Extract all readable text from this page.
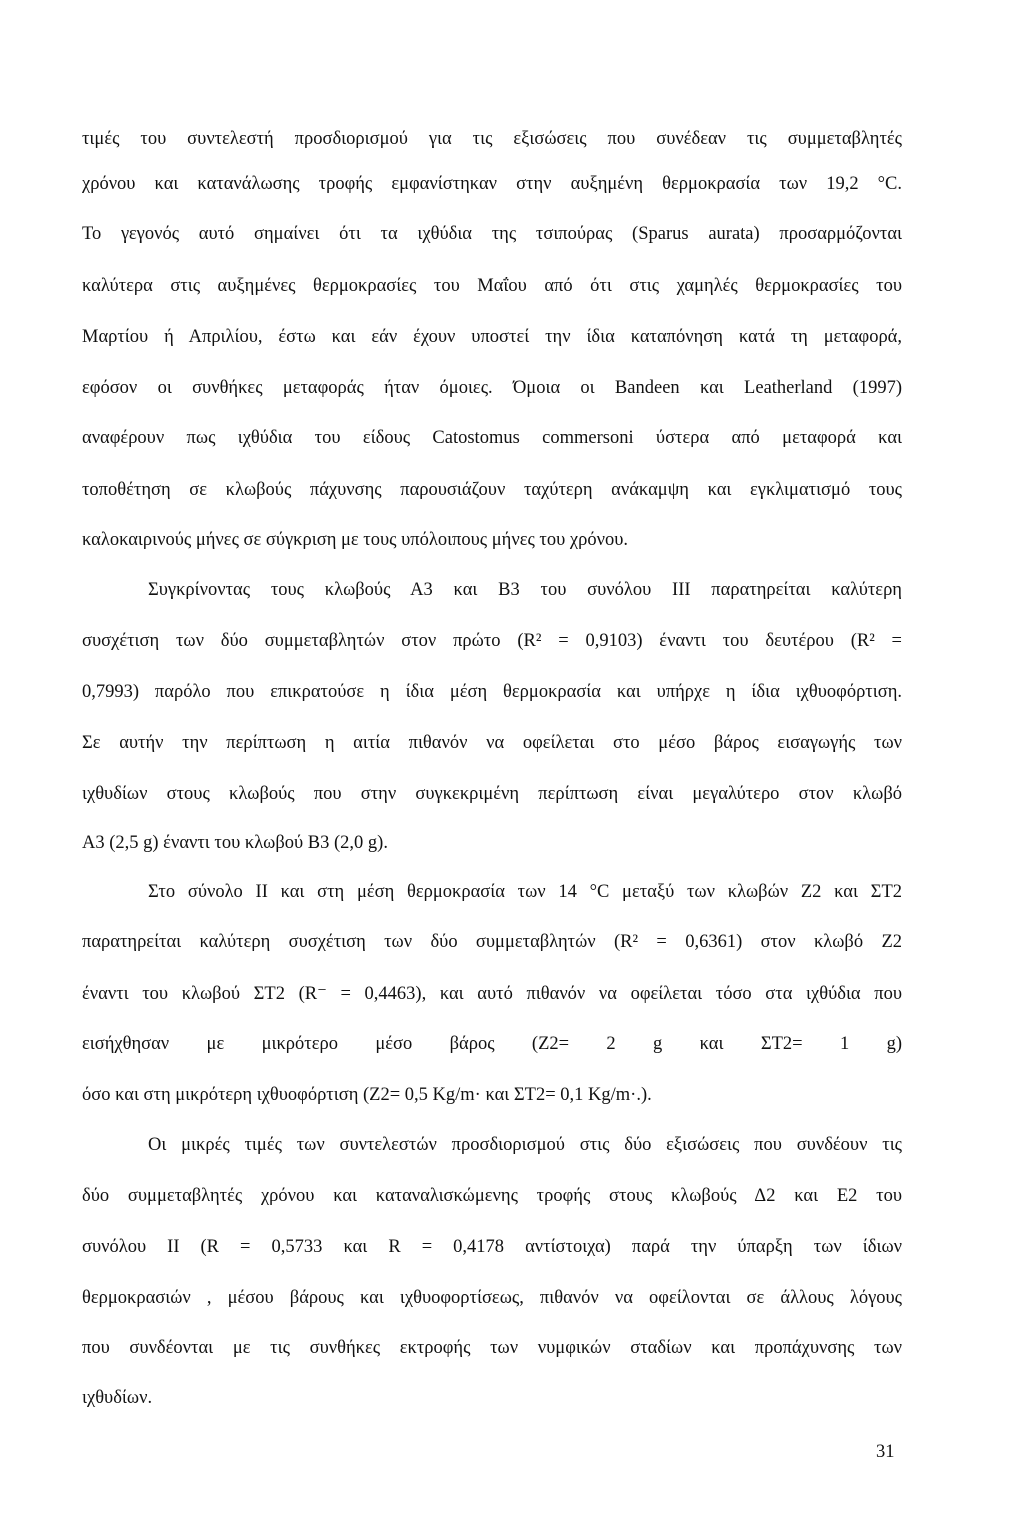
τιμές του συντελεστή προσδιορισμού για τις εξισώσεις που συνέδεαν τις συμμεταβλητές
χρόνου και κατανάλωσης τροφής εμφανίστηκαν στην αυξημένη θερμοκρασία των 19,2 °C.
Το γεγονός αυτό σημαίνει ότι τα ιχθύδια της τσιπούρας (Sparus aurata) προσαρμόζονται
καλύτερα στις αυξημένες θερμοκρασίες του Μαΐου από ότι στις χαμηλές θερμοκρασίες του
Μαρτίου ή Απριλίου, έστω και εάν έχουν υποστεί την ίδια καταπόνηση κατά τη μεταφορά,
εφόσον οι συνθήκες μεταφοράς ήταν όμοιες. Όμοια οι Bandeen και Leatherland (1997)
αναφέρουν πως ιχθύδια του είδους Catostomus commersoni ύστερα από μεταφορά και
τοποθέτηση σε κλωβούς πάχυνσης παρουσιάζουν ταχύτερη ανάκαμψη και εγκλιματισμό τους
καλοκαιρινούς μήνες σε σύγκριση με τους υπόλοιπους μήνες του χρόνου.
Συγκρίνοντας τους κλωβούς Α3 και Β3 του συνόλου III παρατηρείται καλύτερη
συσχέτιση των δύο συμμεταβλητών στον πρώτο (R² = 0,9103) έναντι του δευτέρου (R² =
0,7993) παρόλο που επικρατούσε η ίδια μέση θερμοκρασία και υπήρχε η ίδια ιχθυοφόρτιση.
Σε αυτήν την περίπτωση η αιτία πιθανόν να οφείλεται στο μέσο βάρος εισαγωγής των
ιχθυδίων στους κλωβούς που στην συγκεκριμένη περίπτωση είναι μεγαλύτερο στον κλωβό
Α3 (2,5 g) έναντι του κλωβού Β3 (2,0 g).
Στο σύνολο II και στη μέση θερμοκρασία των 14 °C μεταξύ των κλωβών Ζ2 και ΣΤ2
παρατηρείται καλύτερη συσχέτιση των δύο συμμεταβλητών (R² = 0,6361) στον κλωβό Ζ2
έναντι του κλωβού ΣΤ2 (R⁻ = 0,4463), και αυτό πιθανόν να οφείλεται τόσο στα ιχθύδια που
εισήχθησαν με μικρότερο μέσο βάρος (Ζ2= 2 g και ΣΤ2= 1 g)
όσο και στη μικρότερη ιχθυοφόρτιση (Ζ2= 0,5 Kg/m· και ΣΤ2= 0,1 Kg/m·.).
Οι μικρές τιμές των συντελεστών προσδιορισμού στις δύο εξισώσεις που συνδέουν τις
δύο συμμεταβλητές χρόνου και καταναλισκώμενης τροφής στους κλωβούς Δ2 και Ε2 του
συνόλου II (R = 0,5733 και R = 0,4178 αντίστοιχα) παρά την ύπαρξη των ίδιων
θερμοκρασιών , μέσου βάρους και ιχθυοφορτίσεως, πιθανόν να οφείλονται σε άλλους λόγους
που συνδέονται με τις συνθήκες εκτροφής των νυμφικών σταδίων και προπάχυνσης των
ιχθυδίων.
31
